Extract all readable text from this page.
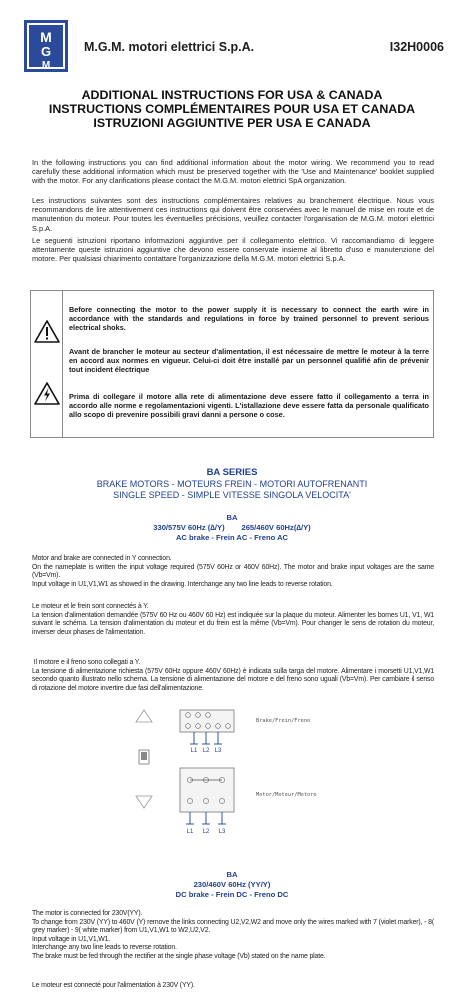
M
G
M
M.G.M. motori elettrici S.p.A.	I32H0006
ADDITIONAL INSTRUCTIONS FOR USA & CANADA
INSTRUCTIONS COMPLÉMENTAIRES POUR USA ET CANADA
ISTRUZIONI AGGIUNTIVE PER USA E CANADA
In the following instructions you can find additional information about the motor wiring. We recommend you to read carefully these additional information which must be preserved together with the 'Use and Maintenance' booklet supplied with the motor. For any clarifications please contact the M.G.M. motori elettrici SpA organization.
Les instructions suivantes sont des instructions complémentaires relatives au branchement électrique. Nous vous recommandons de lire attentivement ces instructions qui doivent être conservées avec le manuel de mise en route et de manutention du moteur. Pour toutes les éventuelles précisions, veuillez contacter l'organisation de M.G.M. motori elettrici S.p.A.
Le seguenti istruzioni riportano informazioni aggiuntive per il collegamento elettrico. Vi raccomandiamo di leggere attentamente queste istruzioni aggiuntive che devono essere conservate insieme al libretto d'uso e manutenzione del motore. Per qualsiasi chiarimento contattare l'organizzazione della M.G.M. motori elettrici S.p.A.
Before connecting the motor to the power supply it is necessary to connect the earth wire in accordance with the standards and regulations in force by trained personnel to prevent serious electrical shoks.
Avant de brancher le moteur au secteur d'alimentation, il est nécessaire de mettre le moteur à la terre en accord aux normes en vigueur. Celui-ci doit être installé par un personnel qualifié afin de prévenir tout incident électrique
Prima di collegare il motore alla rete di alimentazione deve essere fatto il collegamento a terra in accordo alle norme e regolamentazioni vigenti. L'istallazione deve essere fatta da personale qualificato allo scopo di prevenire possibili gravi danni a persone o cose.
BA SERIES
BRAKE MOTORS - MOTEURS FREIN - MOTORI AUTOFRENANTI
SINGLE SPEED - SIMPLE VITESSE SINGOLA VELOCITA'
BA
330/575V 60Hz (∆/Y)        265/460V 60Hz(∆/Y)
AC brake - Frein AC - Freno AC
Motor and brake are connected in Y connection.
On the nameplate is written the input voltage required (575V 60Hz or 460V 60Hz). The motor and brake input voltages are the same (Vb=Vm).
Input voltage in U1,V1,W1 as showed in the drawing. Interchange any two line leads to reverse rotation.
Le moteur et le frein sont connectés à Y.
La tension d'alimentation demandée (575V 60 Hz ou 460V 60 Hz) est indiquée sur la plaque du moteur. Alimenter les bornes U1, V1, W1 suivant le schéma. La tension d'alimentation du moteur et du frein est la même (Vb=Vm). Pour changer le sens de rotation du moteur, inverser deux phases de l'alimentation.
Il motore e il freno sono collegati a Y.
La tensione di alimentazione richiesta (575V 60Hz oppure 460V 60Hz) è indicata sulla targa del motore. Alimentare i morsetti U1,V1,W1 secondo quanto illustrato nello schema. La tensione di alimentazione del motore e del freno sono uguali (Vb=Vm). Per cambiare il senso di rotazione del motore invertire due fasi dell'alimentazione.
Brake/Frein/Freno
L1 L2 L3
Motor/Moteur/Motore
L1 L2 L3
BA
230/460V 60Hz (YY/Y)
DC brake - Frein DC - Freno DC
The motor is connected for 230V(YY).
To change from 230V (YY) to 460V (Y) remove the links connecting U2,V2,W2 and move only the wires marked with 7 (violet marker), - 8( grey marker) - 9( white marker) from U1,V1,W1 to W2,U2,V2.
Input voltage in U1,V1,W1.
Interchange any two line leads to reverse rotation.
The brake must be fed through the rectifier at the single phase voltage (Vb) stated on the name plate.
Le moteur est connecté pour l'alimentation à 230V (YY).
